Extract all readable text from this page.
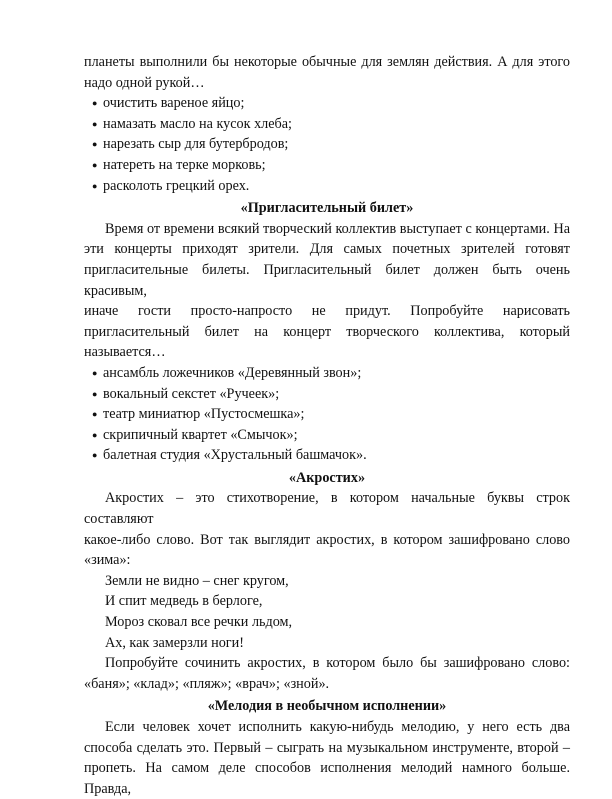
планеты выполнили бы некоторые обычные для землян действия. А для этого

надо одной рукой…

● очистить вареное яйцо;

● намазать масло на кусок хлеба;

● нарезать сыр для бутербродов;

● натереть на терке морковь;

● расколоть грецкий орех.

«Пригласительный билет»

Время от времени всякий творческий коллектив выступает с концертами. На

эти концерты приходят зрители. Для самых почетных зрителей готовят

пригласительные билеты. Пригласительный билет должен быть очень красивым,

иначе гости просто-напросто не придут. Попробуйте нарисовать

пригласительный билет на концерт творческого коллектива, который

называется…

● ансамбль ложечников «Деревянный звон»;

● вокальный секстет «Ручеек»;

● театр миниатюр «Пустосмешка»;

● скрипичный квартет «Смычок»;

● балетная студия «Хрустальный башмачок».

«Акростих»

Акростих – это стихотворение, в котором начальные буквы строк составляют

какое-либо слово. Вот так выглядит акростих, в котором зашифровано слово

«зима»:

Земли не видно – снег кругом,

И спит медведь в берлоге,

Мороз сковал все речки льдом,

Ах, как замерзли ноги!

Попробуйте сочинить акростих, в котором было бы зашифровано слово:

«баня»; «клад»; «пляж»; «врач»; «зной».

«Мелодия в необычном исполнении»

Если человек хочет исполнить какую-нибудь мелодию, у него есть два

способа сделать это. Первый – сыграть на музыкальном инструменте, второй –

пропеть. На самом деле способов исполнения мелодий намного больше. Правда,
